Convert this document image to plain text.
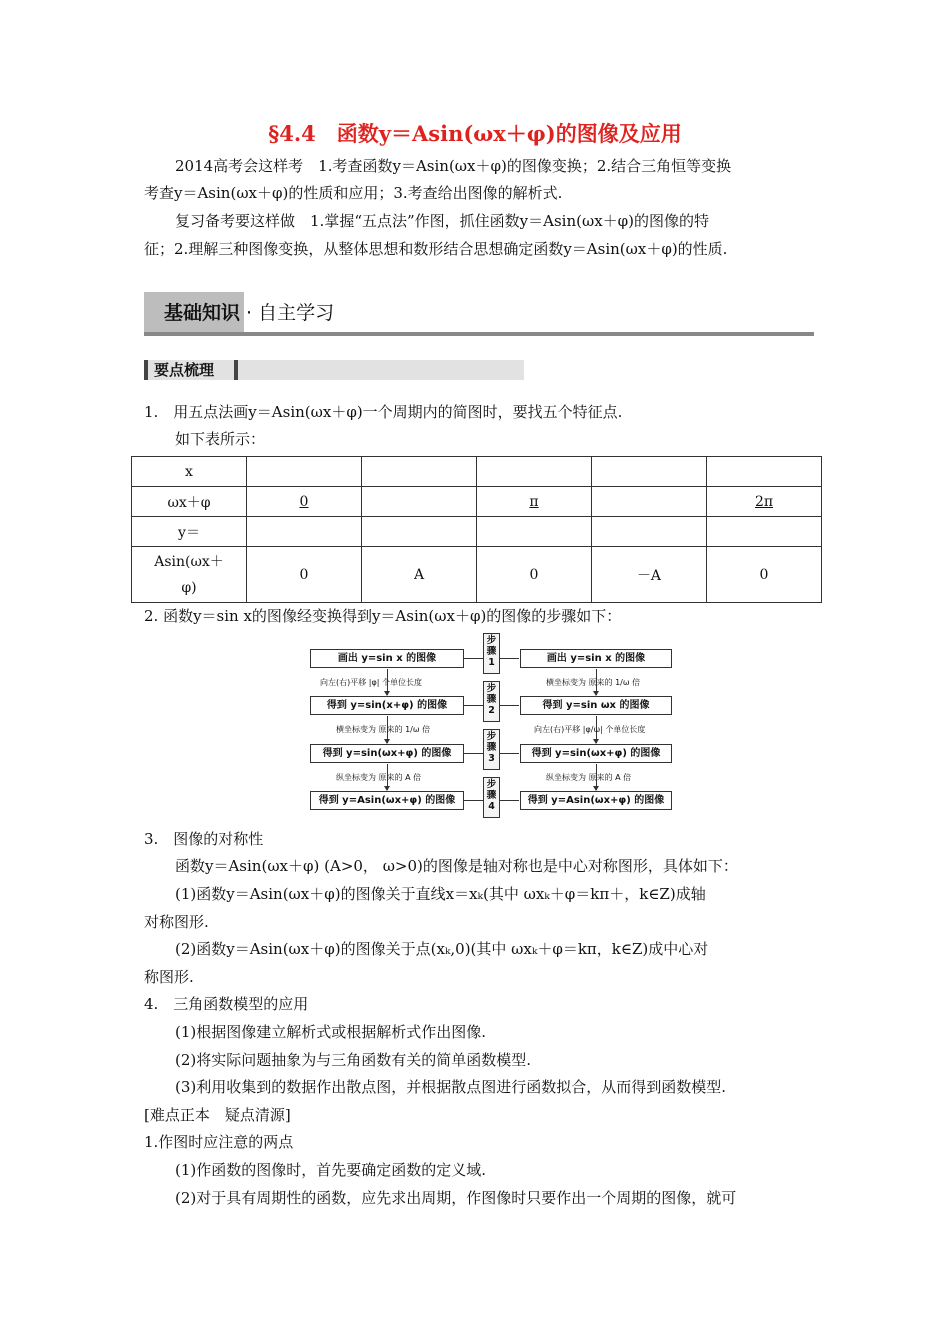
§4.4　函数y＝Asin(ωx＋φ)的图像及应用
2014高考会这样考　1.考查函数y＝Asin(ωx＋φ)的图像变换；2.结合三角恒等变换
考查y＝Asin(ωx＋φ)的性质和应用；3.考查给出图像的解析式.
复习备考要这样做　1.掌握“五点法”作图，抓住函数y＝Asin(ωx＋φ)的图像的特
征；2.理解三种图像变换，从整体思想和数形结合思想确定函数y＝Asin(ωx＋φ)的性质.
基础知识 · 自主学习
要点梳理
1.　用五点法画y＝Asin(ωx＋φ)一个周期内的简图时，要找五个特征点.
如下表所示：
x					
ωx＋φ	0		π		2π
y＝					
Asin(ωx＋
φ)	0	A	0	－A	0
2. 函数y＝sin x的图像经变换得到y＝Asin(ωx＋φ)的图像的步骤如下：
画出 y=sin x 的图像
得到 y=sin(x+φ) 的图像
得到 y=sin(ωx+φ) 的图像
得到 y=Asin(ωx+φ) 的图像
画出 y=sin x 的图像
得到 y=sin ωx 的图像
得到 y=sin(ωx+φ) 的图像
得到 y=Asin(ωx+φ) 的图像
向左(右)平移 |φ| 个单位长度
横坐标变为 原来的 1/ω 倍
纵坐标变为 原来的 A 倍
横坐标变为 原来的 1/ω 倍
向左(右)平移 |φ/ω| 个单位长度
纵坐标变为 原来的 A 倍
步
骤
1
步
骤
2
步
骤
3
步
骤
4
3.　图像的对称性
函数y＝Asin(ωx＋φ) (A>0， ω>0)的图像是轴对称也是中心对称图形，具体如下：
(1)函数y＝Asin(ωx＋φ)的图像关于直线x＝xₖ(其中 ωxₖ＋φ＝kπ＋，k∈Z)成轴
对称图形.
(2)函数y＝Asin(ωx＋φ)的图像关于点(xₖ,0)(其中 ωxₖ＋φ＝kπ，k∈Z)成中心对
称图形.
4.　三角函数模型的应用
(1)根据图像建立解析式或根据解析式作出图像.
(2)将实际问题抽象为与三角函数有关的简单函数模型.
(3)利用收集到的数据作出散点图，并根据散点图进行函数拟合，从而得到函数模型.
[难点正本　疑点清源]
1.作图时应注意的两点
(1)作函数的图像时，首先要确定函数的定义域.
(2)对于具有周期性的函数，应先求出周期，作图像时只要作出一个周期的图像，就可
